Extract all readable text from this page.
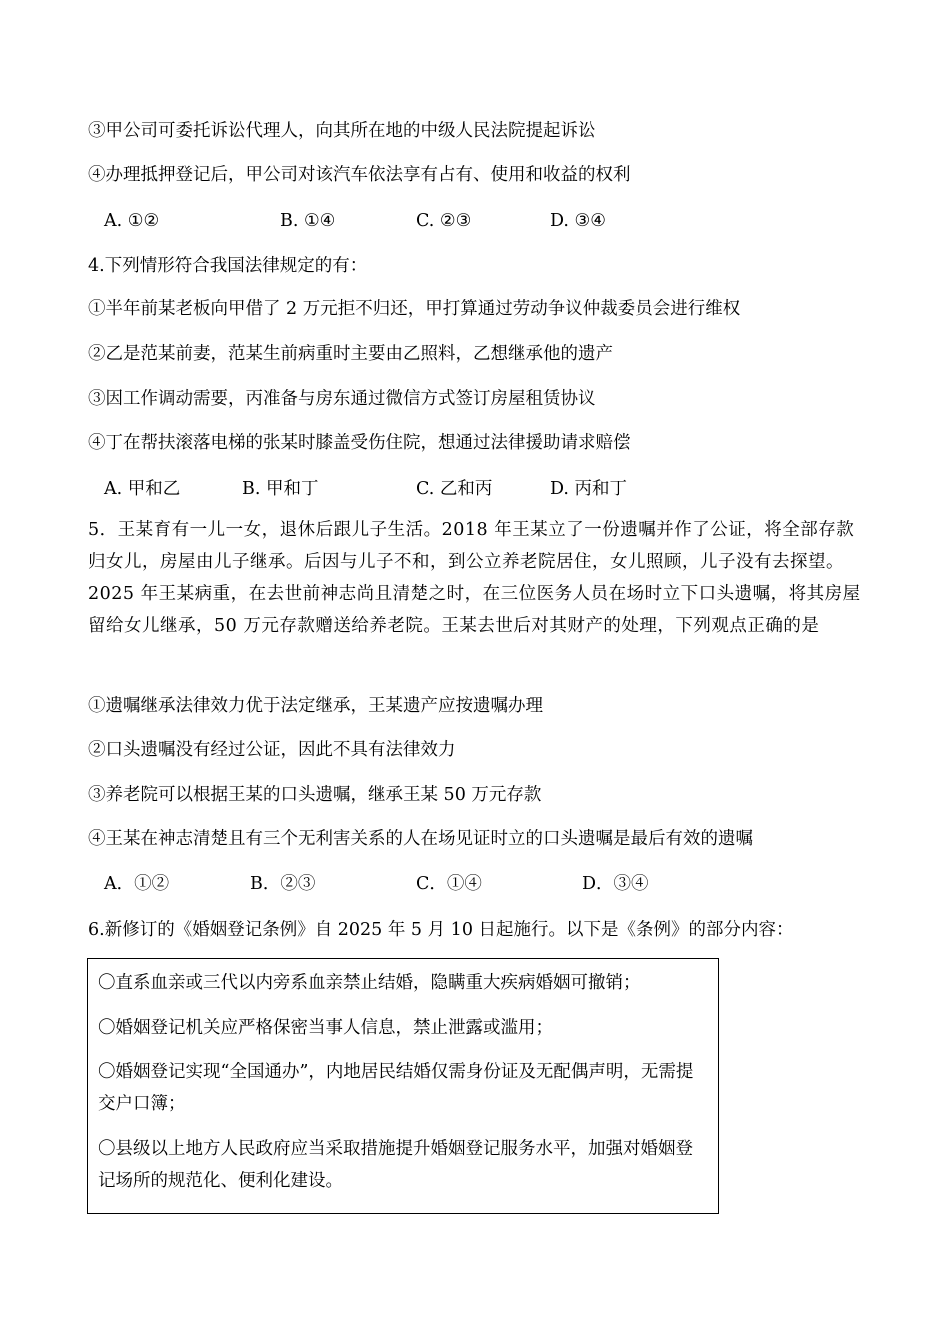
③甲公司可委托诉讼代理人，向其所在地的中级人民法院提起诉讼
④办理抵押登记后，甲公司对该汽车依法享有占有、使用和收益的权利
A. ①②	B. ①④	C. ②③	D. ③④
4.下列情形符合我国法律规定的有：
①半年前某老板向甲借了 2 万元拒不归还，甲打算通过劳动争议仲裁委员会进行维权
②乙是范某前妻，范某生前病重时主要由乙照料，乙想继承他的遗产
③因工作调动需要，丙准备与房东通过微信方式签订房屋租赁协议
④丁在帮扶滚落电梯的张某时膝盖受伤住院，想通过法律援助请求赔偿
A. 甲和乙	B. 甲和丁	C. 乙和丙	D. 丙和丁
5．王某育有一儿一女，退休后跟儿子生活。2018 年王某立了一份遗嘱并作了公证，将全部存款归女儿，房屋由儿子继承。后因与儿子不和，到公立养老院居住，女儿照顾，儿子没有去探望。2025 年王某病重，在去世前神志尚且清楚之时，在三位医务人员在场时立下口头遗嘱，将其房屋留给女儿继承，50 万元存款赠送给养老院。王某去世后对其财产的处理，下列观点正确的是
①遗嘱继承法律效力优于法定继承，王某遗产应按遗嘱办理
②口头遗嘱没有经过公证，因此不具有法律效力
③养老院可以根据王某的口头遗嘱，继承王某 50 万元存款
④王某在神志清楚且有三个无利害关系的人在场见证时立的口头遗嘱是最后有效的遗嘱
A．①②	B．②③	C．①④	D．③④
6.新修订的《婚姻登记条例》自 2025 年 5 月 10 日起施行。以下是《条例》的部分内容：
〇直系血亲或三代以内旁系血亲禁止结婚，隐瞒重大疾病婚姻可撤销；
〇婚姻登记机关应严格保密当事人信息，禁止泄露或滥用；
〇婚姻登记实现“全国通办”，内地居民结婚仅需身份证及无配偶声明，无需提交户口簿；
〇县级以上地方人民政府应当采取措施提升婚姻登记服务水平，加强对婚姻登记场所的规范化、便利化建设。
